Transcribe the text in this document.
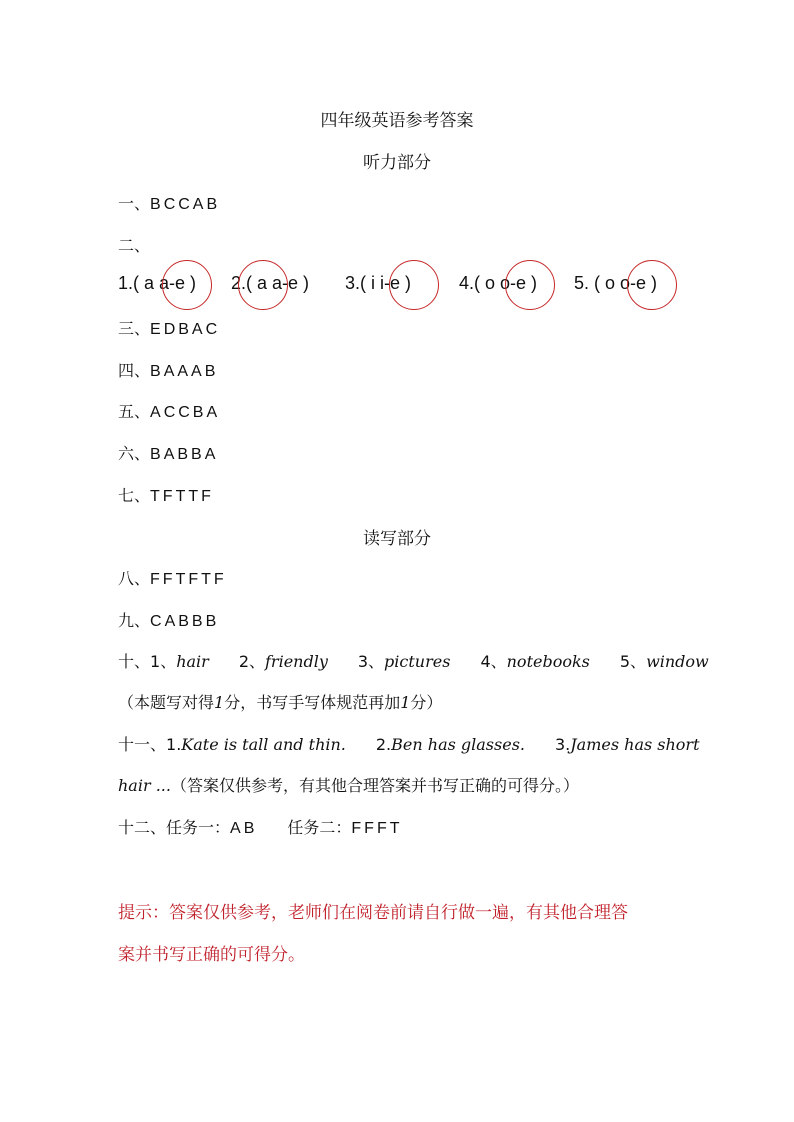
四年级英语参考答案
听力部分
一、BCCAB
二、
1.( a a-e ) 2.( a a-e ) 3.( i i-e )	4.( o o-e ) 5. ( o o-e )
三、EDBAC
四、BAAAB
五、ACCBA
六、BABBA
七、TFTTF
读写部分
八、FFTFTF
九、CABBB
十、1、hair 2、friendly 3、pictures 4、notebooks 5、window
（本题写对得1分，书写手写体规范再加1分）
十一、1.Kate is tall and thin. 2.Ben has glasses. 3.James has short
hair ...（答案仅供参考，有其他合理答案并书写正确的可得分。）
十二、任务一：AB 任务二：FFFT
提示：答案仅供参考，老师们在阅卷前请自行做一遍，有其他合理答
案并书写正确的可得分。
